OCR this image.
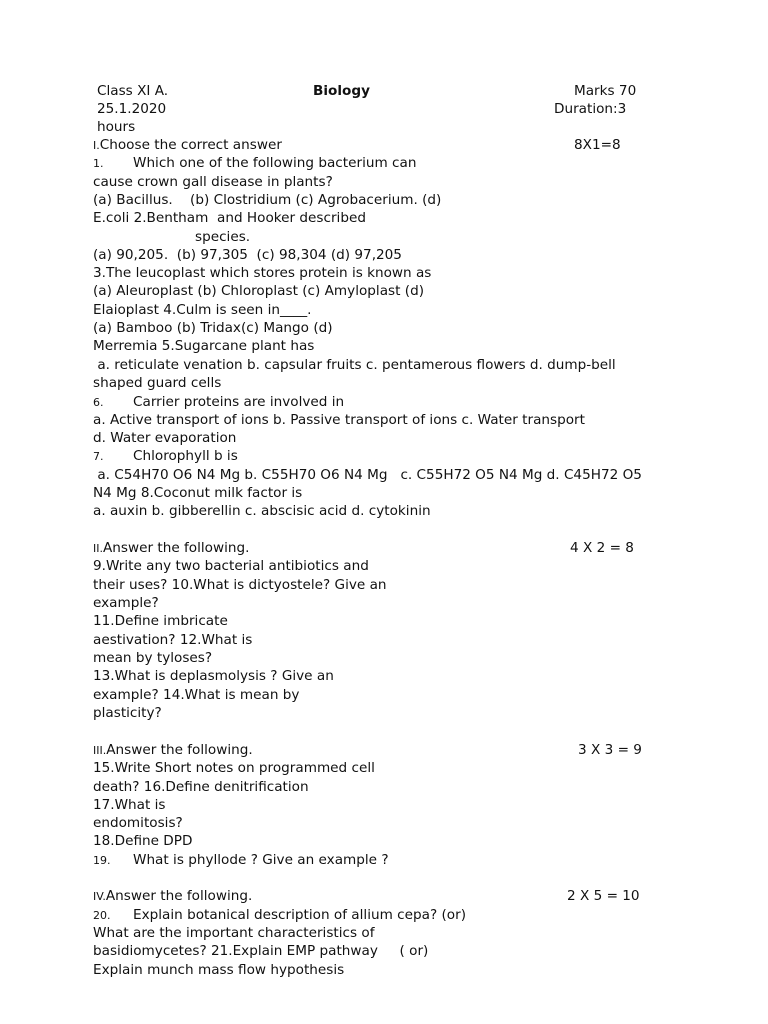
Class XI A.	Biology	Marks 70
25.1.2020	Duration:3
hours
I.Choose the correct answer	8X1=8
1. Which one of the following bacterium can
cause crown gall disease in plants?
(a) Bacillus.    (b) Clostridium (c) Agrobacerium. (d)
E.coli 2.Bentham  and Hooker described
species.
(a) 90,205.  (b) 97,305  (c) 98,304 (d) 97,205
3.The leucoplast which stores protein is known as
(a) Aleuroplast (b) Chloroplast (c) Amyloplast (d)
Elaioplast 4.Culm is seen in____.
(a) Bamboo (b) Tridax(c) Mango (d)
Merremia 5.Sugarcane plant has
a. reticulate venation b. capsular fruits c. pentamerous flowers d. dump-bell
shaped guard cells
6. Carrier proteins are involved in
a. Active transport of ions b. Passive transport of ions c. Water transport
d. Water evaporation
7. Chlorophyll b is
a. C54H70 O6 N4 Mg b. C55H70 O6 N4 Mg   c. C55H72 O5 N4 Mg d. C45H72 O5
N4 Mg 8.Coconut milk factor is
a. auxin b. gibberellin c. abscisic acid d. cytokinin
II.Answer the following.	4 X 2 = 8
9.Write any two bacterial antibiotics and
their uses? 10.What is dictyostele? Give an
example?
11.Define imbricate
aestivation? 12.What is
mean by tyloses?
13.What is deplasmolysis ? Give an
example? 14.What is mean by
plasticity?
III.Answer the following.	3 X 3 = 9
15.Write Short notes on programmed cell
death? 16.Define denitrification
17.What is
endomitosis?
18.Define DPD
19. What is phyllode ? Give an example ?
IV.Answer the following.	2 X 5 = 10
20. Explain botanical description of allium cepa? (or)
What are the important characteristics of
basidiomycetes? 21.Explain EMP pathway     ( or)
Explain munch mass flow hypothesis
